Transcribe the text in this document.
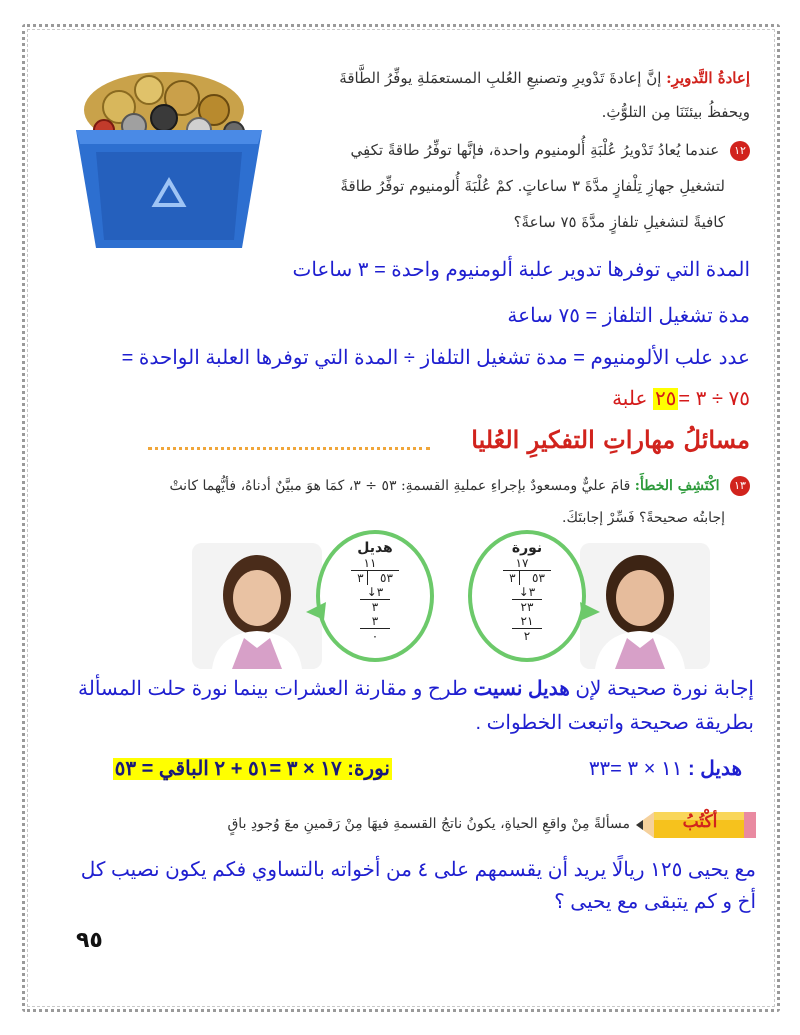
إعادةُ التَّدويرِ: إنَّ إعادةَ تَدْويرِ وتصنيعِ العُلبِ المستعمَلةِ يوفِّرُ الطَّاقةَ
ويحفظُ بيئتَنَا مِن التلوُّثِ.
١٢ عندما يُعادُ تَدْويرُ عُلْبَةِ أُلومنيوم واحدة، فإنَّها توفِّرُ طاقةً تكفِي
لتشغيلِ جهازِ تِلْفازٍ مدَّةَ ٣ ساعاتٍ. كمْ عُلْبَةَ أُلومنيوم توفِّرُ طاقةً
كافيةً لتشغيلِ تلفازٍ مدَّةَ ٧٥ ساعةً؟
المدة التي توفرها تدوير علبة ألومنيوم واحدة = ٣ ساعات
مدة تشغيل التلفاز = ٧٥ ساعة
عدد علب الألومنيوم = مدة تشغيل التلفاز ÷ المدة التي توفرها العلبة الواحدة =
٧٥ ÷ ٣ =٢٥ علبة
مسائلُ مهاراتِ التفكيرِ العُليا
١٣ اكْتَشِفِ الخطأَ: قامَ عليٌّ ومسعودٌ بإجراءِ عمليةِ القسمةِ: ٥٣ ÷ ٣، كمَا هوَ مبيَّنٌ أدناهُ، فأيُّهما كانتْ
إجابتُه صحيحةً؟ فَسِّرْ إجابتَكَ.
هديل
١١
٥٣   ٣
٣↓
٣
٣
٠
نورة
١٧
٥٣   ٣
٣↓
٢٣
٢١
٢
إجابة نورة صحيحة لإن هديل نسيت طرح و مقارنة العشرات بينما نورة حلت المسألة
بطريقة صحيحة واتبعت الخطوات .
هديل : ١١ × ٣ =٣٣
نورة: ١٧ × ٣ =٥١ + ٢ الباقي = ٥٣
أكْتُبُ
مسألةً مِنْ واقعِ الحياةِ، يكونُ ناتجُ القسمةِ فيهَا مِنْ رَقمينِ معَ وُجودِ باقٍ
مع يحيى ١٢٥ ريالًا يريد أن يقسمهم على ٤ من أخواته بالتساوي فكم يكون نصيب كل
أخ و كم يتبقى مع يحيى ؟
٩٥
